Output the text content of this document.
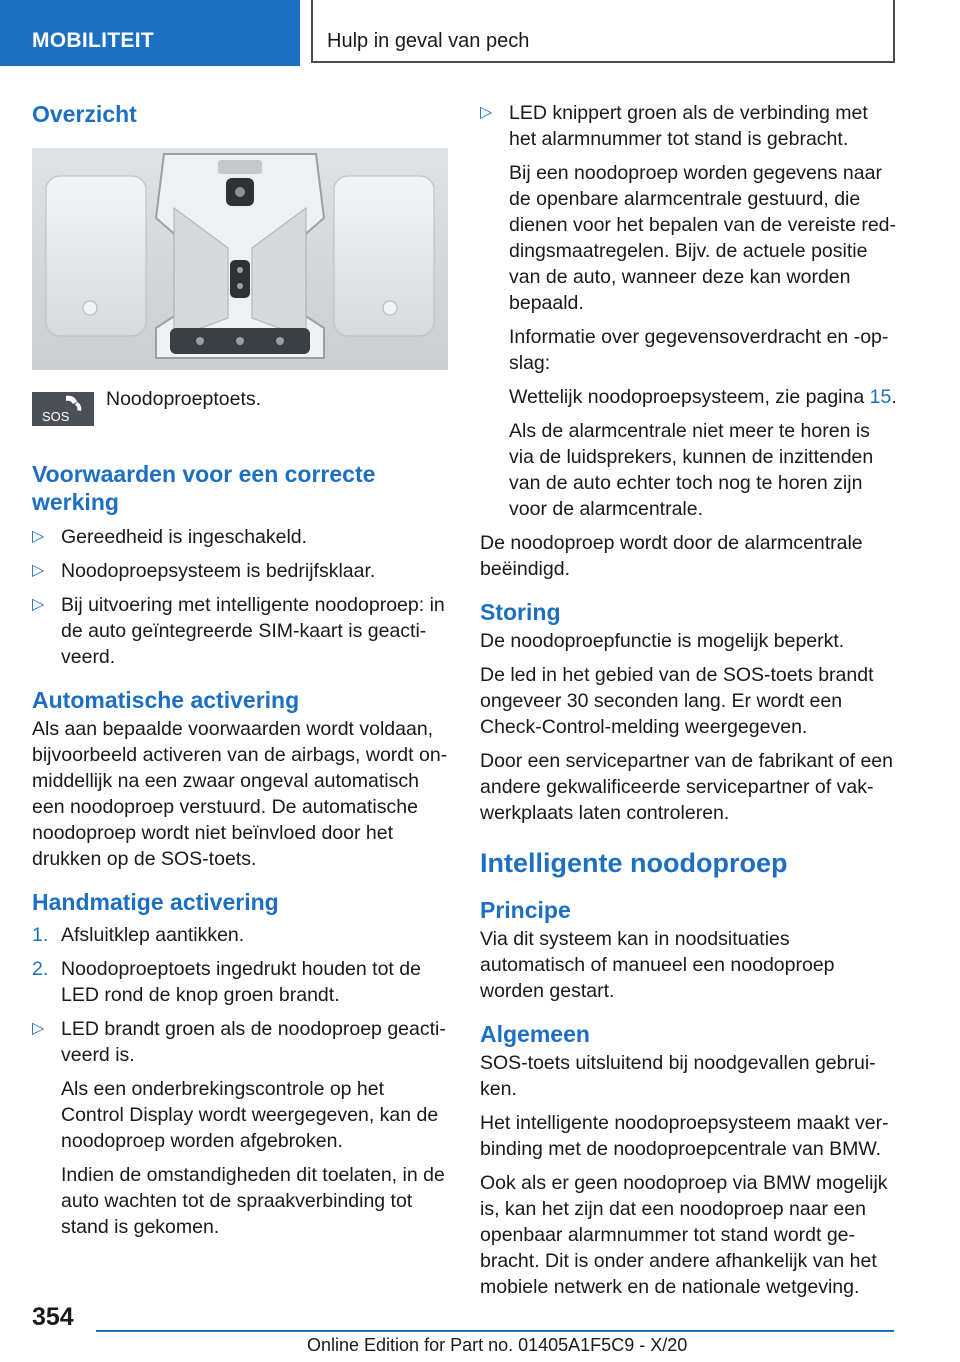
MOBILITEIT	Hulp in geval van pech
Overzicht
SOS
Noodoproeptoets.
Voorwaarden voor een correcte werking
▷ Gereedheid is ingeschakeld.
▷ Noodoproepsysteem is bedrijfsklaar.
▷ Bij uitvoering met intelligente noodoproep: in de auto geïntegreerde SIM-kaart is geactiveerd.
Automatische activering

Als aan bepaalde voorwaarden wordt voldaan, bijvoorbeeld activeren van de airbags, wordt onmiddellijk na een zwaar ongeval automatisch een noodoproep verstuurd. De automatische noodoproep wordt niet beïnvloed door het drukken op de SOS-toets.

Handmatige activering
1. Afsluitklep aantikken.
2. Noodoproeptoets ingedrukt houden tot de LED rond de knop groen brandt.
▷ LED brandt groen als de noodoproep geactiveerd is.

Als een onderbrekingscontrole op het Control Display wordt weergegeven, kan de noodoproep worden afgebroken.

Indien de omstandigheden dit toelaten, in de auto wachten tot de spraakverbinding tot stand is gekomen.

▷ LED knippert groen als de verbinding met het alarmnummer tot stand is gebracht.

Bij een noodoproep worden gegevens naar de openbare alarmcentrale gestuurd, die dienen voor het bepalen van de vereiste reddingsmaatregelen. Bijv. de actuele positie van de auto, wanneer deze kan worden bepaald.

Informatie over gegevensoverdracht en -opslag:

Wettelijk noodoproepsysteem, zie pagina 15.

Als de alarmcentrale niet meer te horen is via de luidsprekers, kunnen de inzittenden van de auto echter toch nog te horen zijn voor de alarmcentrale.

De noodoproep wordt door de alarmcentrale beëindigd.

Storing

De noodoproepfunctie is mogelijk beperkt.

De led in het gebied van de SOS-toets brandt ongeveer 30 seconden lang. Er wordt een Check-Control-melding weergegeven.

Door een servicepartner van de fabrikant of een andere gekwalificeerde servicepartner of vakwerkplaats laten controleren.

Intelligente noodoproep
Principe

Via dit systeem kan in noodsituaties automatisch of manueel een noodoproep worden gestart.

Algemeen

SOS-toets uitsluitend bij noodgevallen gebruiken.

Het intelligente noodoproepsysteem maakt verbinding met de noodoproepcentrale van BMW.

Ook als er geen noodoproep via BMW mogelijk is, kan het zijn dat een noodoproep naar een openbaar alarmnummer tot stand wordt gebracht. Dit is onder andere afhankelijk van het mobiele netwerk en de nationale wetgeving.

354
Online Edition for Part no. 01405A1F5C9 - X/20
